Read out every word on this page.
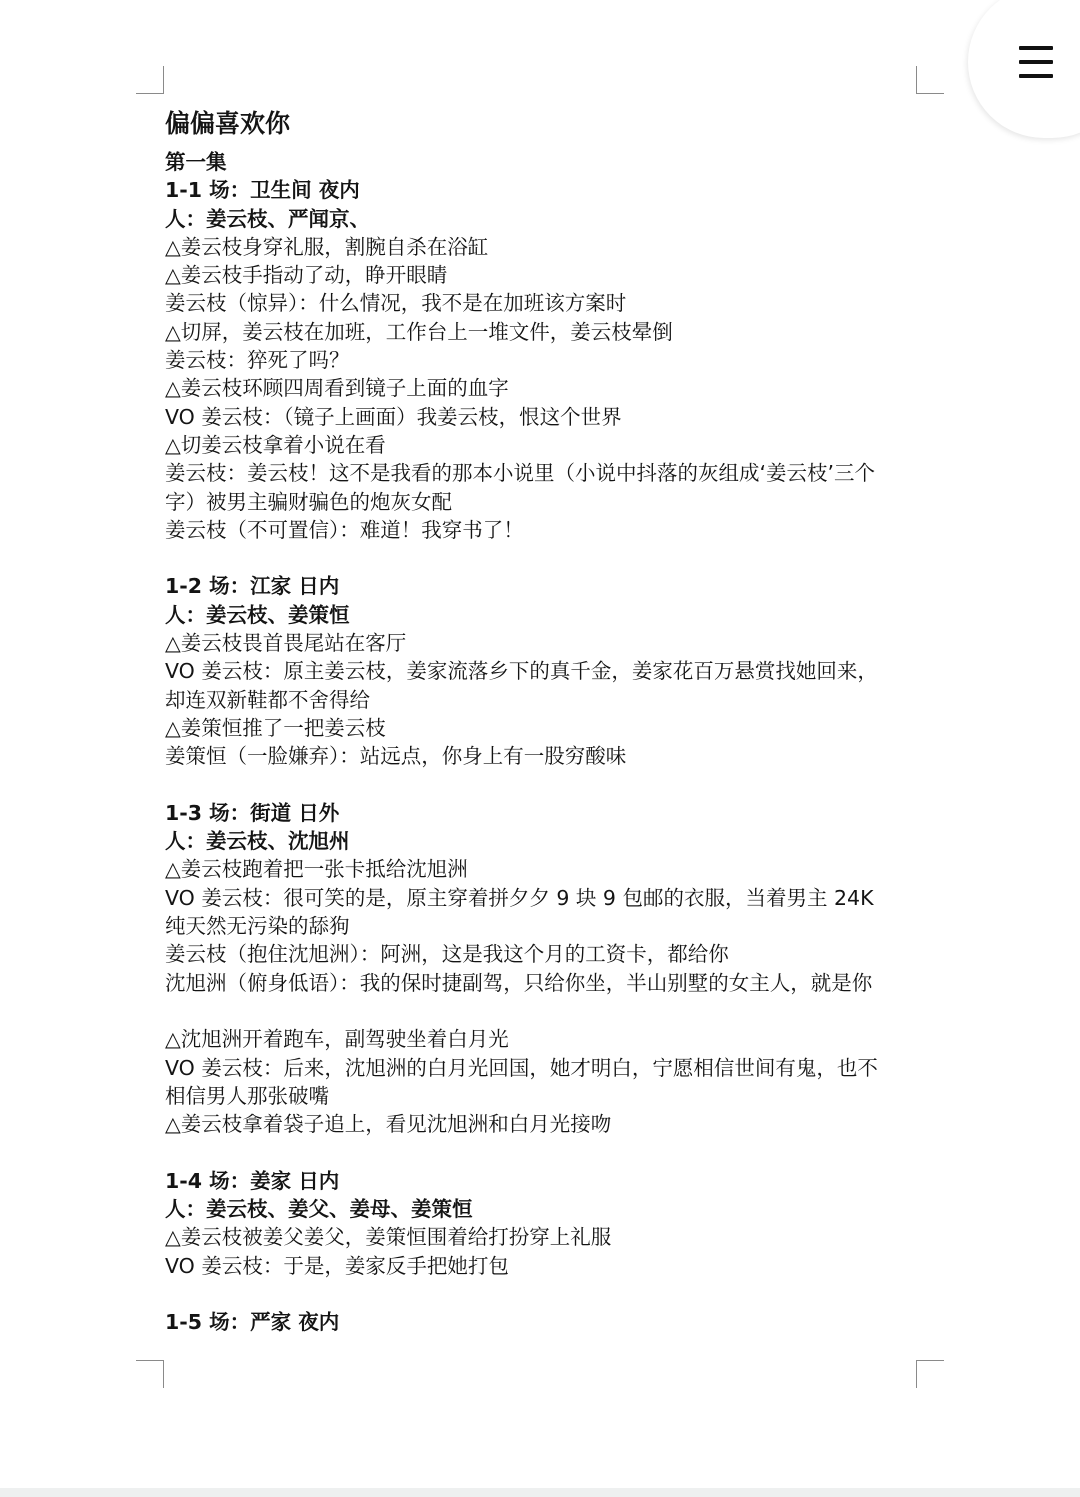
偏偏喜欢你
第一集
1-1 场：卫生间 夜内
人：姜云枝、严闻京、
△姜云枝身穿礼服，割腕自杀在浴缸
△姜云枝手指动了动，睁开眼睛
姜云枝（惊异）：什么情况，我不是在加班该方案时
△切屏，姜云枝在加班，工作台上一堆文件，姜云枝晕倒
姜云枝：猝死了吗？
△姜云枝环顾四周看到镜子上面的血字
VO 姜云枝：（镜子上画面）我姜云枝，恨这个世界
△切姜云枝拿着小说在看
姜云枝：姜云枝！这不是我看的那本小说里（小说中抖落的灰组成‘姜云枝’三个
字）被男主骗财骗色的炮灰女配
姜云枝（不可置信）：难道！我穿书了！
1-2 场：江家 日内
人：姜云枝、姜策恒
△姜云枝畏首畏尾站在客厅
VO 姜云枝：原主姜云枝，姜家流落乡下的真千金，姜家花百万悬赏找她回来，
却连双新鞋都不舍得给
△姜策恒推了一把姜云枝
姜策恒（一脸嫌弃）：站远点，你身上有一股穷酸味
1-3 场：街道 日外
人：姜云枝、沈旭州
△姜云枝跑着把一张卡抵给沈旭洲
VO 姜云枝：很可笑的是，原主穿着拼夕夕 9 块 9 包邮的衣服，当着男主 24K
纯天然无污染的舔狗
姜云枝（抱住沈旭洲）：阿洲，这是我这个月的工资卡，都给你
沈旭洲（俯身低语）：我的保时捷副驾，只给你坐，半山别墅的女主人，就是你
△沈旭洲开着跑车，副驾驶坐着白月光
VO 姜云枝：后来，沈旭洲的白月光回国，她才明白，宁愿相信世间有鬼，也不
相信男人那张破嘴
△姜云枝拿着袋子追上，看见沈旭洲和白月光接吻
1-4 场：姜家 日内
人：姜云枝、姜父、姜母、姜策恒
△姜云枝被姜父姜父，姜策恒围着给打扮穿上礼服
VO 姜云枝：于是，姜家反手把她打包
1-5 场：严家 夜内
